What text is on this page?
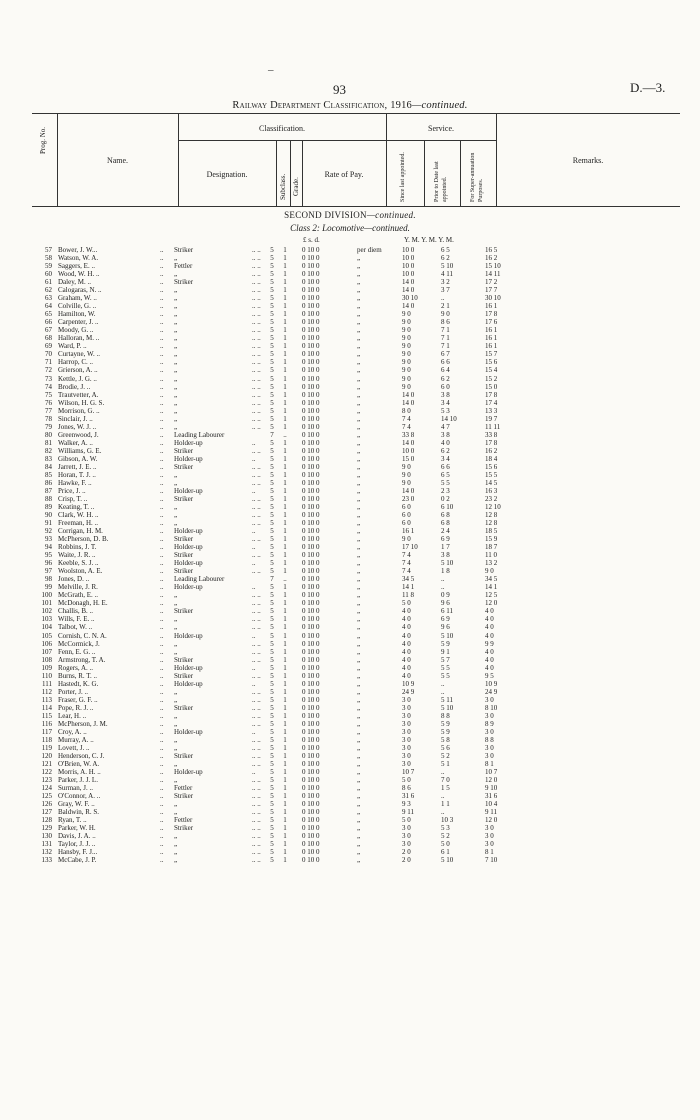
–
93	D.—3.
Railway Department Classification, 1916—continued.
Prog. No.
Name.
Classification.
Designation.	Subclass. Grade.
Rate of Pay.
Service.
Since last appointed.	Prior to Date last appointed.	For Super-annuation Purposes.
Remarks.
SECOND DIVISION—continued.
Class 2: Locomotive—continued.
£ s. d.	Y. M. Y. M. Y. M.
57 Bower, J. W...	.. Striker	.. ..	5	1	0 10 0	per diem	10 0	6 5	16 5
58 Watson, W. A.	.. „	.. ..	5	1	0 10 0	„	10 0	6 2	16 2
59 Saggers, E. ..	.. Fettler	.. ..	5	1	0 10 0	„	10 0	5 10	15 10
60 Wood, W. H. ..	.. „	.. ..	5	1	0 10 0	„	10 0	4 11	14 11
61 Daley, M. ..	.. Striker	.. ..	5	1	0 10 0	„	14 0	3 2	17 2
62 Calogaras, N. ..	.. „	.. ..	5	1	0 10 0	„	14 0	3 7	17 7
63 Graham, W. ..	.. „	.. ..	5	1	0 10 0	„	30 10	..	30 10
64 Colville, G. ..	.. „	.. ..	5	1	0 10 0	„	14 0	2 1	16 1
65 Hamilton, W.	.. „	.. ..	5	1	0 10 0	„	9 0	9 0	17 8
66 Carpenter, J. ..	.. „	.. ..	5	1	0 10 0	„	9 0	8 6	17 6
67 Moody, G. ..	.. „	.. ..	5	1	0 10 0	„	9 0	7 1	16 1
68 Halloran, M. ..	.. „	.. ..	5	1	0 10 0	„	9 0	7 1	16 1
69 Ward, P. ..	.. „	.. ..	5	1	0 10 0	„	9 0	7 1	16 1
70 Curtayne, W. ..	.. „	.. ..	5	1	0 10 0	„	9 0	6 7	15 7
71 Harrop, C. ..	.. „	.. ..	5	1	0 10 0	„	9 0	6 6	15 6
72 Grierson, A. ..	.. „	.. ..	5	1	0 10 0	„	9 0	6 4	15 4
73 Kettle, J. G. ..	.. „	.. ..	5	1	0 10 0	„	9 0	6 2	15 2
74 Brodie, J. ..	.. „	.. ..	5	1	0 10 0	„	9 0	6 0	15 0
75 Trautvetter, A.	.. „	.. ..	5	1	0 10 0	„	14 0	3 8	17 8
76 Wilson, H. G. S.	.. „	.. ..	5	1	0 10 0	„	14 0	3 4	17 4
77 Morrison, G. ..	.. „	.. ..	5	1	0 10 0	„	8 0	5 3	13 3
78 Sinclair, J. ..	.. „	.. ..	5	1	0 10 0	„	7 4	14 10	19 7
79 Jones, W. J. ..	.. „	.. ..	5	1	0 10 0	„	7 4	4 7	11 11
80 Greenwood, J.	.. Leading Labourer	7	..	0 10 0	„	33 8	3 8	33 8
81 Walker, A. ..	.. Holder-up	..	5	1	0 10 0	„	14 0	4 0	17 8
82 Williams, G. E.	.. Striker	.. ..	5	1	0 10 0	„	10 0	6 2	16 2
83 Gibson, A. W.	.. Holder-up	..	5	1	0 10 0	„	15 0	3 4	18 4
84 Jarrett, J. E. ..	.. Striker	.. ..	5	1	0 10 0	„	9 0	6 6	15 6
85 Horan, T. J. ..	.. „	.. ..	5	1	0 10 0	„	9 0	6 5	15 5
86 Hawke, F. ..	.. „	.. ..	5	1	0 10 0	„	9 0	5 5	14 5
87 Price, J. ..	.. Holder-up	..	5	1	0 10 0	„	14 0	2 3	16 3
88 Crisp, T. ..	.. Striker	.. ..	5	1	0 10 0	„	23 0	0 2	23 2
89 Keating, T. ..	.. „	.. ..	5	1	0 10 0	„	6 0	6 10	12 10
90 Clark, W. H. ..	.. „	.. ..	5	1	0 10 0	„	6 0	6 8	12 8
91 Freeman, H. ..	.. „	.. ..	5	1	0 10 0	„	6 0	6 8	12 8
92 Corrigan, H. M.	.. Holder-up	..	5	1	0 10 0	„	16 1	2 4	18 5
93 McPherson, D. B.	.. Striker	.. ..	5	1	0 10 0	„	9 0	6 9	15 9
94 Robbins, J. T.	.. Holder-up	..	5	1	0 10 0	„	17 10	1 7	18 7
95 Waite, J. R. ..	.. Striker	.. ..	5	1	0 10 0	„	7 4	3 8	11 0
96 Keeble, S. J. ..	.. Holder-up	..	5	1	0 10 0	„	7 4	5 10	13 2
97 Woolston, A. E.	.. Striker	.. ..	5	1	0 10 0	„	7 4	1 8	9 0
98 Jones, D. ..	.. Leading Labourer	7	..	0 10 0	„	34 5	..	34 5
99 Melville, J. R.	.. Holder-up	..	5	1	0 10 0	„	14 1	..	14 1
100 McGrath, E. ..	.. „	.. ..	5	1	0 10 0	„	11 8	0 9	12 5
101 McDonagh, H. E.	.. „	.. ..	5	1	0 10 0	„	5 0	9 6	12 0
102 Challis, B. ..	.. Striker	.. ..	5	1	0 10 0	„	4 0	6 11	4 0
103 Wills, F. E. ..	.. „	.. ..	5	1	0 10 0	„	4 0	6 9	4 0
104 Talbot, W. ..	.. „	.. ..	5	1	0 10 0	„	4 0	9 6	4 0
105 Cornish, C. N. A.	.. Holder-up	..	5	1	0 10 0	„	4 0	5 10	4 0
106 McCormick, J.	.. „	.. ..	5	1	0 10 0	„	4 0	5 9	9 9
107 Fenn, E. G. ..	.. „	.. ..	5	1	0 10 0	„	4 0	9 1	4 0
108 Armstrong, T. A.	.. Striker	.. ..	5	1	0 10 0	„	4 0	5 7	4 0
109 Rogers, A. ..	.. Holder-up	..	5	1	0 10 0	„	4 0	5 5	4 0
110 Burns, R. T. ..	.. Striker	.. ..	5	1	0 10 0	„	4 0	5 5	9 5
111 Hastedt, K. G.	.. Holder-up	..	5	1	0 10 0	„	10 9	..	10 9
112 Porter, J. ..	.. „	.. ..	5	1	0 10 0	„	24 9	..	24 9
113 Fraser, G. F. ..	.. „	.. ..	5	1	0 10 0	„	3 0	5 11	3 0
114 Pope, R. J. ..	.. Striker	.. ..	5	1	0 10 0	„	3 0	5 10	8 10
115 Lear, H. ..	.. „	.. ..	5	1	0 10 0	„	3 0	8 8	3 0
116 McPherson, J. M.	.. „	.. ..	5	1	0 10 0	„	3 0	5 9	8 9
117 Croy, A. ..	.. Holder-up	..	5	1	0 10 0	„	3 0	5 9	3 0
118 Murray, A. ..	.. „	.. ..	5	1	0 10 0	„	3 0	5 8	8 8
119 Lovett, J. ..	.. „	.. ..	5	1	0 10 0	„	3 0	5 6	3 0
120 Henderson, C. J.	.. Striker	.. ..	5	1	0 10 0	„	3 0	5 2	3 0
121 O'Brien, W. A.	.. „	.. ..	5	1	0 10 0	„	3 0	5 1	8 1
122 Morris, A. H. ..	.. Holder-up	..	5	1	0 10 0	„	10 7	..	10 7
123 Parker, J. J. L.	.. „	.. ..	5	1	0 10 0	„	5 0	7 0	12 0
124 Surman, J. ..	.. Fettler	.. ..	5	1	0 10 0	„	8 6	1 5	9 10
125 O'Connor, A. ..	.. Striker	.. ..	5	1	0 10 0	„	31 6	..	31 6
126 Gray, W. F. ..	.. „	.. ..	5	1	0 10 0	„	9 3	1 1	10 4
127 Baldwin, R. S.	.. „	.. ..	5	1	0 10 0	„	9 11	..	9 11
128 Ryan, T. ..	.. Fettler	.. ..	5	1	0 10 0	„	5 0	10 3	12 0
129 Parker, W. H.	.. Striker	.. ..	5	1	0 10 0	„	3 0	5 3	3 0
130 Davis, J. A. ..	.. „	.. ..	5	1	0 10 0	„	3 0	5 2	3 0
131 Taylor, J. J. ..	.. „	.. ..	5	1	0 10 0	„	3 0	5 0	3 0
132 Hansby, F. J...	.. „	.. ..	5	1	0 10 0	„	2 0	6 1	8 1
133 McCabe, J. P.	.. „	.. ..	5	1	0 10 0	„	2 0	5 10	7 10
